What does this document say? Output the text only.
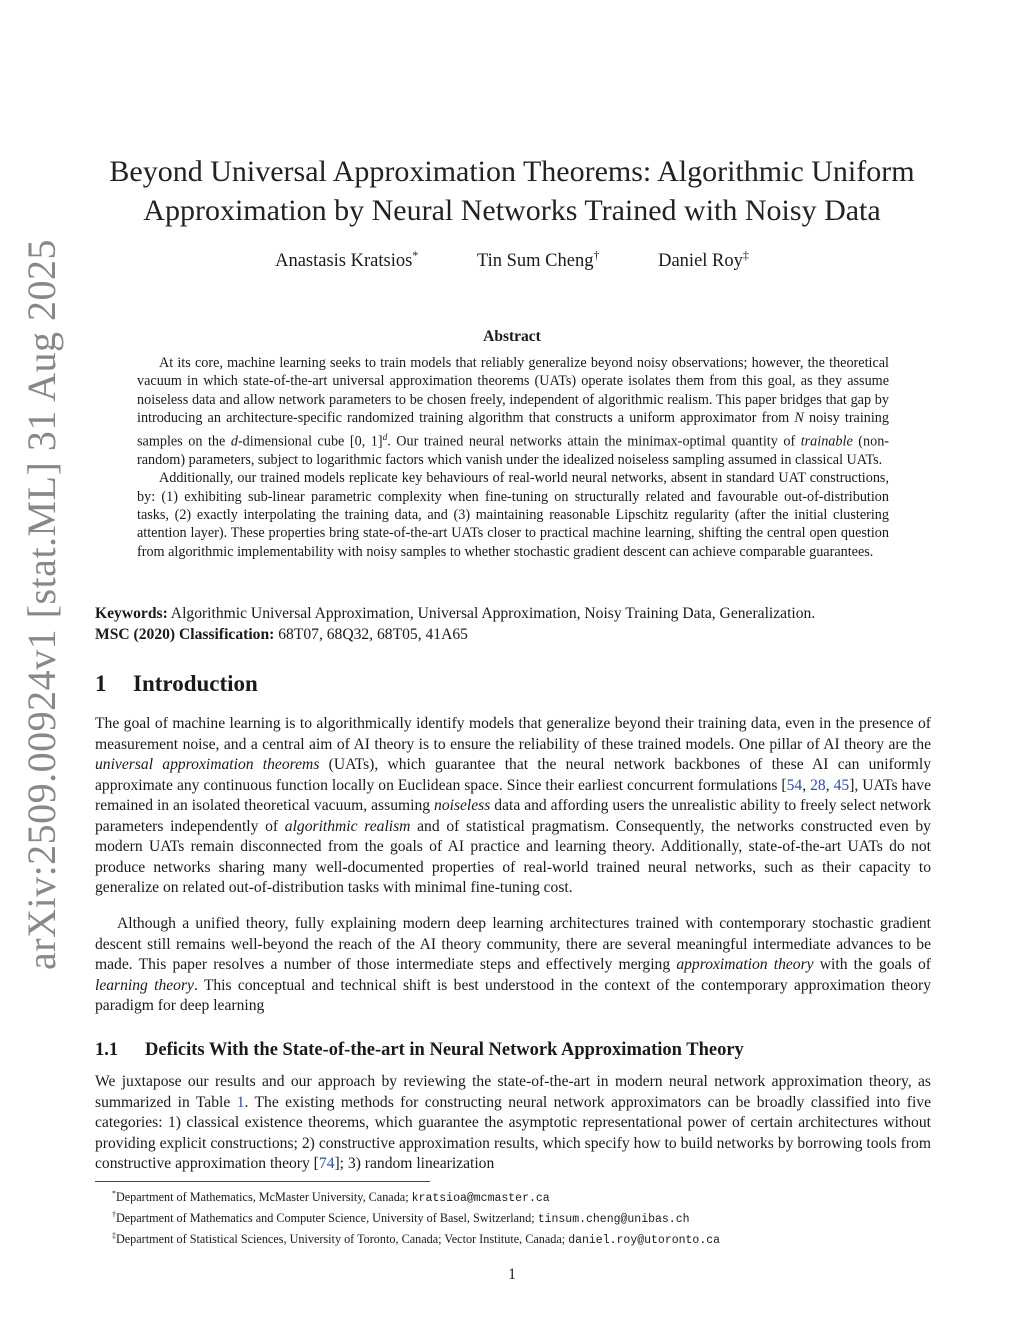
arXiv:2509.00924v1 [stat.ML] 31 Aug 2025
Beyond Universal Approximation Theorems: Algorithmic Uniform
Approximation by Neural Networks Trained with Noisy Data
Anastasis Kratsios*	Tin Sum Cheng†	Daniel Roy‡
Abstract

At its core, machine learning seeks to train models that reliably generalize beyond noisy observations; however, the theoretical vacuum in which state-of-the-art universal approximation theorems (UATs) operate isolates them from this goal, as they assume noiseless data and allow network parameters to be chosen freely, independent of algorithmic realism. This paper bridges that gap by introducing an architecture-specific randomized training algorithm that constructs a uniform approximator from N noisy training samples on the d-dimensional cube [0, 1]$^d$. Our trained neural networks attain the minimax-optimal quantity of trainable (non-random) parameters, subject to logarithmic factors which vanish under the idealized noiseless sampling assumed in classical UATs.

Additionally, our trained models replicate key behaviours of real-world neural networks, absent in standard UAT constructions, by: (1) exhibiting sub-linear parametric complexity when fine-tuning on structurally related and favourable out-of-distribution tasks, (2) exactly interpolating the training data, and (3) maintaining reasonable Lipschitz regularity (after the initial clustering attention layer). These properties bring state-of-the-art UATs closer to practical machine learning, shifting the central open question from algorithmic implementability with noisy samples to whether stochastic gradient descent can achieve comparable guarantees.

Keywords: Algorithmic Universal Approximation, Universal Approximation, Noisy Training Data, Generalization.
MSC (2020) Classification: 68T07, 68Q32, 68T05, 41A65
1 Introduction

The goal of machine learning is to algorithmically identify models that generalize beyond their training data, even in the presence of measurement noise, and a central aim of AI theory is to ensure the reliability of these trained models. One pillar of AI theory are the universal approximation theorems (UATs), which guarantee that the neural network backbones of these AI can uniformly approximate any continuous function locally on Euclidean space. Since their earliest concurrent formulations [54, 28, 45], UATs have remained in an isolated theoretical vacuum, assuming noiseless data and affording users the unrealistic ability to freely select network parameters independently of algorithmic realism and of statistical pragmatism. Consequently, the networks constructed even by modern UATs remain disconnected from the goals of AI practice and learning theory. Additionally, state-of-the-art UATs do not produce networks sharing many well-documented properties of real-world trained neural networks, such as their capacity to generalize on related out-of-distribution tasks with minimal fine-tuning cost.

Although a unified theory, fully explaining modern deep learning architectures trained with contemporary stochastic gradient descent still remains well-beyond the reach of the AI theory community, there are several meaningful intermediate advances to be made. This paper resolves a number of those intermediate steps and effectively merging approximation theory with the goals of learning theory. This conceptual and technical shift is best understood in the context of the contemporary approximation theory paradigm for deep learning

1.1 Deficits With the State-of-the-art in Neural Network Approximation Theory

We juxtapose our results and our approach by reviewing the state-of-the-art in modern neural network approximation theory, as summarized in Table 1. The existing methods for constructing neural network approximators can be broadly classified into five categories: 1) classical existence theorems, which guarantee the asymptotic representational power of certain architectures without providing explicit constructions; 2) constructive approximation results, which specify how to build networks by borrowing tools from constructive approximation theory [74]; 3) random linearization

*Department of Mathematics, McMaster University, Canada; kratsioa@mcmaster.ca
†Department of Mathematics and Computer Science, University of Basel, Switzerland; tinsum.cheng@unibas.ch
‡Department of Statistical Sciences, University of Toronto, Canada; Vector Institute, Canada; daniel.roy@utoronto.ca
1
